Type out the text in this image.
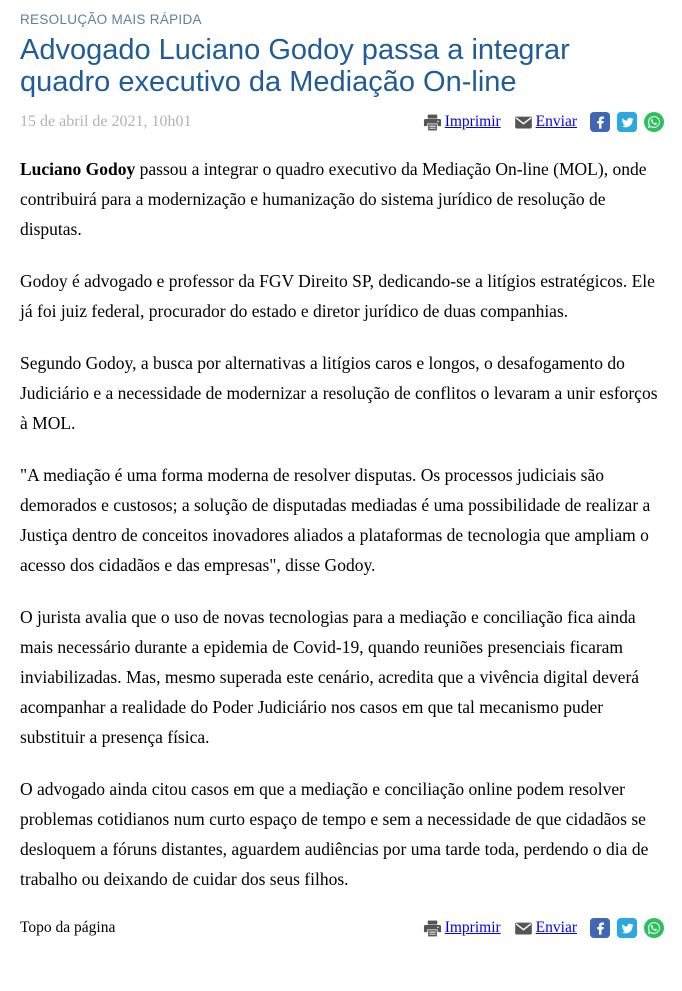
RESOLUÇÃO MAIS RÁPIDA
Advogado Luciano Godoy passa a integrar quadro executivo da Mediação On-line
15 de abril de 2021, 10h01	Imprimir Enviar

Luciano Godoy passou a integrar o quadro executivo da Mediação On-line (MOL), onde contribuirá para a modernização e humanização do sistema jurídico de resolução de disputas.

Godoy é advogado e professor da FGV Direito SP, dedicando-se a litígios estratégicos. Ele já foi juiz federal, procurador do estado e diretor jurídico de duas companhias.

Segundo Godoy, a busca por alternativas a litígios caros e longos, o desafogamento do Judiciário e a necessidade de modernizar a resolução de conflitos o levaram a unir esforços à MOL.

"A mediação é uma forma moderna de resolver disputas. Os processos judiciais são demorados e custosos; a solução de disputadas mediadas é uma possibilidade de realizar a Justiça dentro de conceitos inovadores aliados a plataformas de tecnologia que ampliam o acesso dos cidadãos e das empresas", disse Godoy.

O jurista avalia que o uso de novas tecnologias para a mediação e conciliação fica ainda mais necessário durante a epidemia de Covid-19, quando reuniões presenciais ficaram inviabilizadas. Mas, mesmo superada este cenário, acredita que a vivência digital deverá acompanhar a realidade do Poder Judiciário nos casos em que tal mecanismo puder substituir a presença física.

O advogado ainda citou casos em que a mediação e conciliação online podem resolver problemas cotidianos num curto espaço de tempo e sem a necessidade de que cidadãos se desloquem a fóruns distantes, aguardem audiências por uma tarde toda, perdendo o dia de trabalho ou deixando de cuidar dos seus filhos.

Topo da página	Imprimir Enviar
